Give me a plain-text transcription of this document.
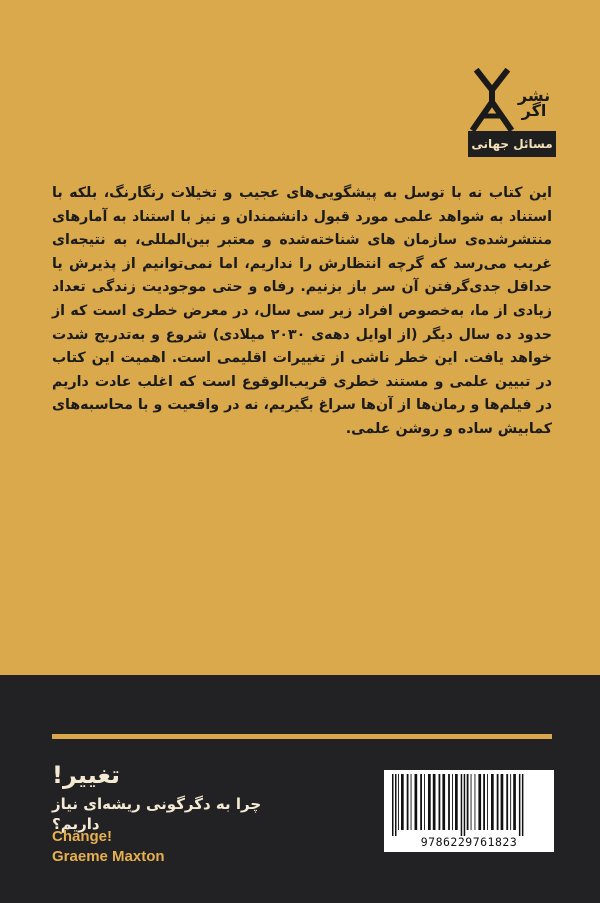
نشر
اگر
مسائل جهانی
این کتاب نه با توسل به پیشگویی‌های عجیب و تخیلات رنگارنگ، بلکه با استناد به شواهد علمی مورد قبول دانشمندان و نیز با استناد به آمارهای منتشرشده‌ی سازمان های شناخته‌شده و معتبر بین‌المللی، به نتیجه‌ای غریب می‌رسد که گرچه انتظارش را نداریم، اما نمی‌توانیم از پذیرش یا حداقل جدی‌گرفتن آن سر باز بزنیم. رفاه و حتی موجودیت زندگی تعداد زیادی از ما، به‌خصوص افراد زیر سی سال، در معرض خطری است که از حدود ده سال دیگر (از اوایل دهه‌ی ۲۰۳۰ میلادی) شروع و به‌تدریج شدت خواهد یافت. این خطر ناشی از تغییرات اقلیمی است. اهمیت این کتاب در تبیین علمی و مستند خطری قریب‌الوقوع است که اغلب عادت داریم در فیلم‌ها و رمان‌ها از آن‌ها سراغ بگیریم، نه در واقعیت و با محاسبه‌های کمابیش ساده و روشن علمی.
تغییر!
چرا به دگرگونی ریشه‌ای نیاز داریم؟
Change!
Graeme Maxton
9786229761823
